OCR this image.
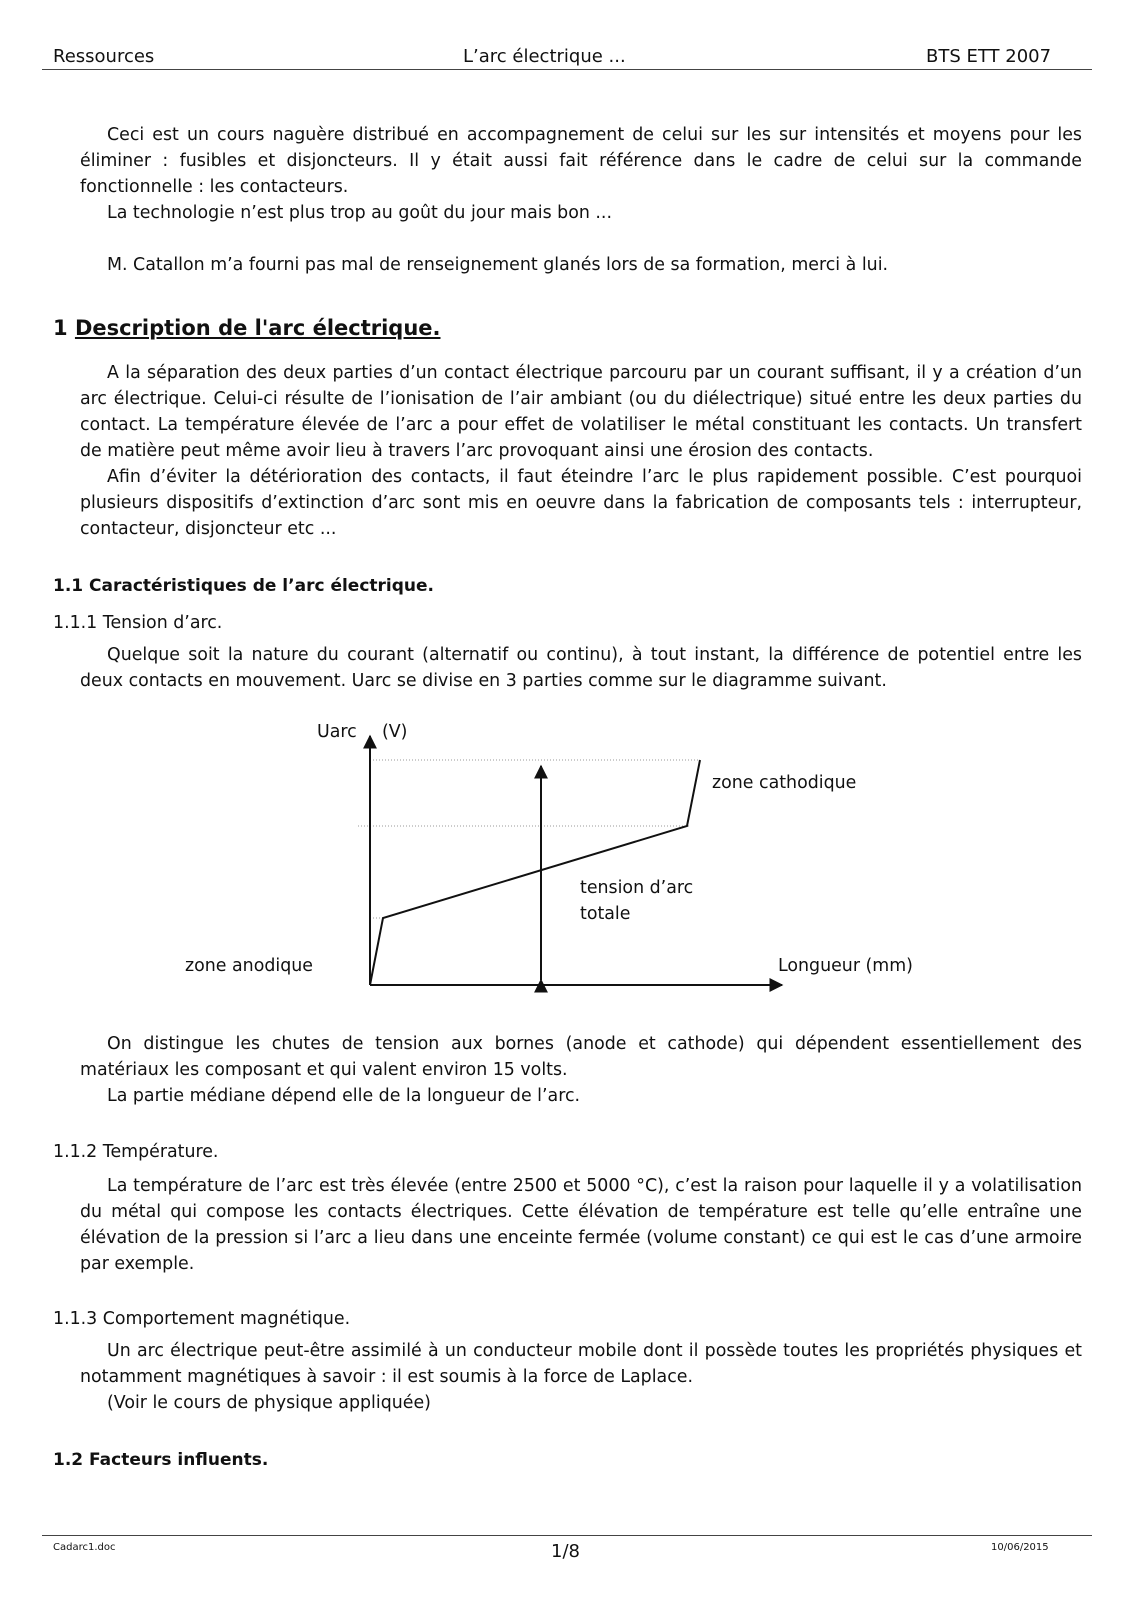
Ressources	L’arc électrique ...	BTS ETT 2007

Ceci est un cours naguère distribué en accompagnement de celui sur les sur intensités et moyens pour les éliminer : fusibles et disjoncteurs. Il y était aussi fait référence dans le cadre de celui sur la commande fonctionnelle : les contacteurs.

La technologie n’est plus trop au goût du jour mais bon ...
M. Catallon m’a fourni pas mal de renseignement glanés lors de sa formation, merci à lui.
1 Description de l'arc électrique.

A la séparation des deux parties d’un contact électrique parcouru par un courant suffisant, il y a création d’un arc électrique. Celui-ci résulte de l’ionisation de l’air ambiant (ou du diélectrique) situé entre les deux parties du contact. La température élevée de l’arc a pour effet de volatiliser le métal constituant les contacts. Un transfert de matière peut même avoir lieu à travers l’arc provoquant ainsi une érosion des contacts.

Afin d’éviter la détérioration des contacts, il faut éteindre l’arc le plus rapidement possible. C’est pourquoi plusieurs dispositifs d’extinction d’arc sont mis en oeuvre dans la fabrication de composants tels : interrupteur, contacteur, disjoncteur etc ...

1.1 Caractéristiques de l’arc électrique.
1.1.1 Tension d’arc.

Quelque soit la nature du courant (alternatif ou continu), à tout instant, la différence de potentiel entre les deux contacts en mouvement. Uarc se divise en 3 parties comme sur le diagramme suivant.

Uarc (V)
zone cathodique
tension d’arc
totale
zone anodique	Longueur (mm)

On distingue les chutes de tension aux bornes (anode et cathode) qui dépendent essentiellement des matériaux les composant et qui valent environ 15 volts.

La partie médiane dépend elle de la longueur de l’arc.
1.1.2 Température.

La température de l’arc est très élevée (entre 2500 et 5000 °C), c’est la raison pour laquelle il y a volatilisation du métal qui compose les contacts électriques. Cette élévation de température est telle qu’elle entraîne une élévation de la pression si l’arc a lieu dans une enceinte fermée (volume constant) ce qui est le cas d’une armoire par exemple.

1.1.3 Comportement magnétique.

Un arc électrique peut-être assimilé à un conducteur mobile dont il possède toutes les propriétés physiques et notamment magnétiques à savoir : il est soumis à la force de Laplace.

(Voir le cours de physique appliquée)
1.2 Facteurs influents.
Cadarc1.doc	1/8	10/06/2015
